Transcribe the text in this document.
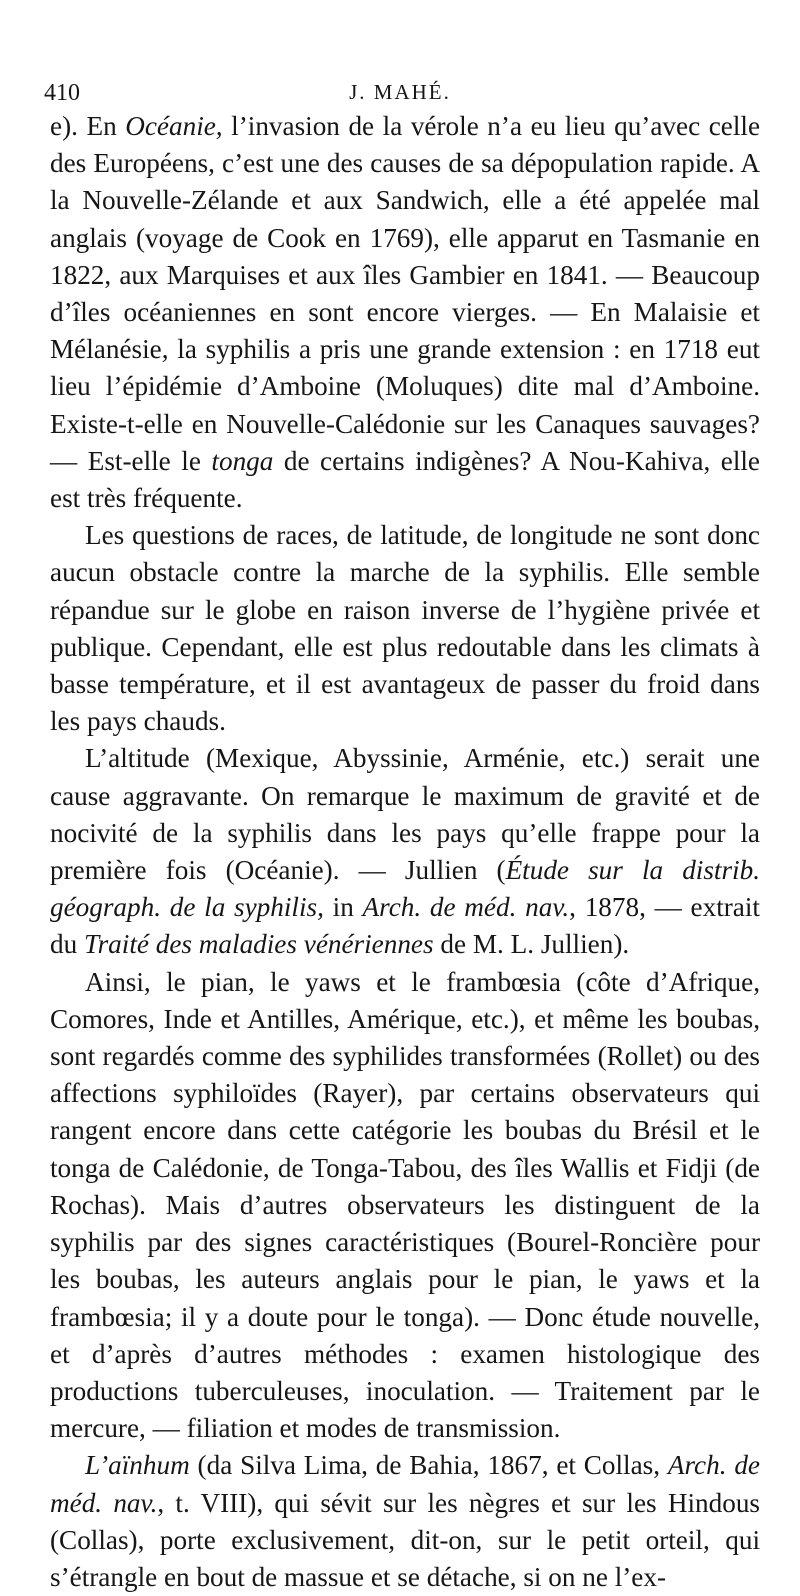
410	J. MAHÉ.

e). En Océanie, l’invasion de la vérole n’a eu lieu qu’avec celle des Européens, c’est une des causes de sa dépopulation rapide. A la Nouvelle-Zélande et aux Sandwich, elle a été appelée mal anglais (voyage de Cook en 1769), elle apparut en Tasmanie en 1822, aux Marquises et aux îles Gambier en 1841. — Beaucoup d’îles océaniennes en sont encore vierges. — En Malaisie et Mélanésie, la syphilis a pris une grande extension : en 1718 eut lieu l’épidémie d’Amboine (Moluques) dite mal d’Amboine. Existe-t-elle en Nouvelle-Calédonie sur les Canaques sauvages? — Est-elle le tonga de certains indigènes? A Nou-Kahiva, elle est très fréquente.

Les questions de races, de latitude, de longitude ne sont donc aucun obstacle contre la marche de la syphilis. Elle semble répandue sur le globe en raison inverse de l’hygiène privée et publique. Cependant, elle est plus redoutable dans les climats à basse température, et il est avantageux de passer du froid dans les pays chauds.

L’altitude (Mexique, Abyssinie, Arménie, etc.) serait une cause aggravante. On remarque le maximum de gravité et de nocivité de la syphilis dans les pays qu’elle frappe pour la première fois (Océanie). — Jullien (Étude sur la distrib. géograph. de la syphilis, in Arch. de méd. nav., 1878, — extrait du Traité des maladies vénériennes de M. L. Jullien).

Ainsi, le pian, le yaws et le frambœsia (côte d’Afrique, Comores, Inde et Antilles, Amérique, etc.), et même les boubas, sont regardés comme des syphilides transformées (Rollet) ou des affections syphiloïdes (Rayer), par certains observateurs qui rangent encore dans cette catégorie les boubas du Brésil et le tonga de Calédonie, de Tonga-Tabou, des îles Wallis et Fidji (de Rochas). Mais d’autres observateurs les distinguent de la syphilis par des signes caractéristiques (Bourel-Roncière pour les boubas, les auteurs anglais pour le pian, le yaws et la frambœsia; il y a doute pour le tonga). — Donc étude nouvelle, et d’après d’autres méthodes : examen histologique des productions tuberculeuses, inoculation. — Traitement par le mercure, — filiation et modes de transmission.

L’aïnhum (da Silva Lima, de Bahia, 1867, et Collas, Arch. de méd. nav., t. VIII), qui sévit sur les nègres et sur les Hindous (Collas), porte exclusivement, dit-on, sur le petit orteil, qui s’étrangle en bout de massue et se détache, si on ne l’ex-
